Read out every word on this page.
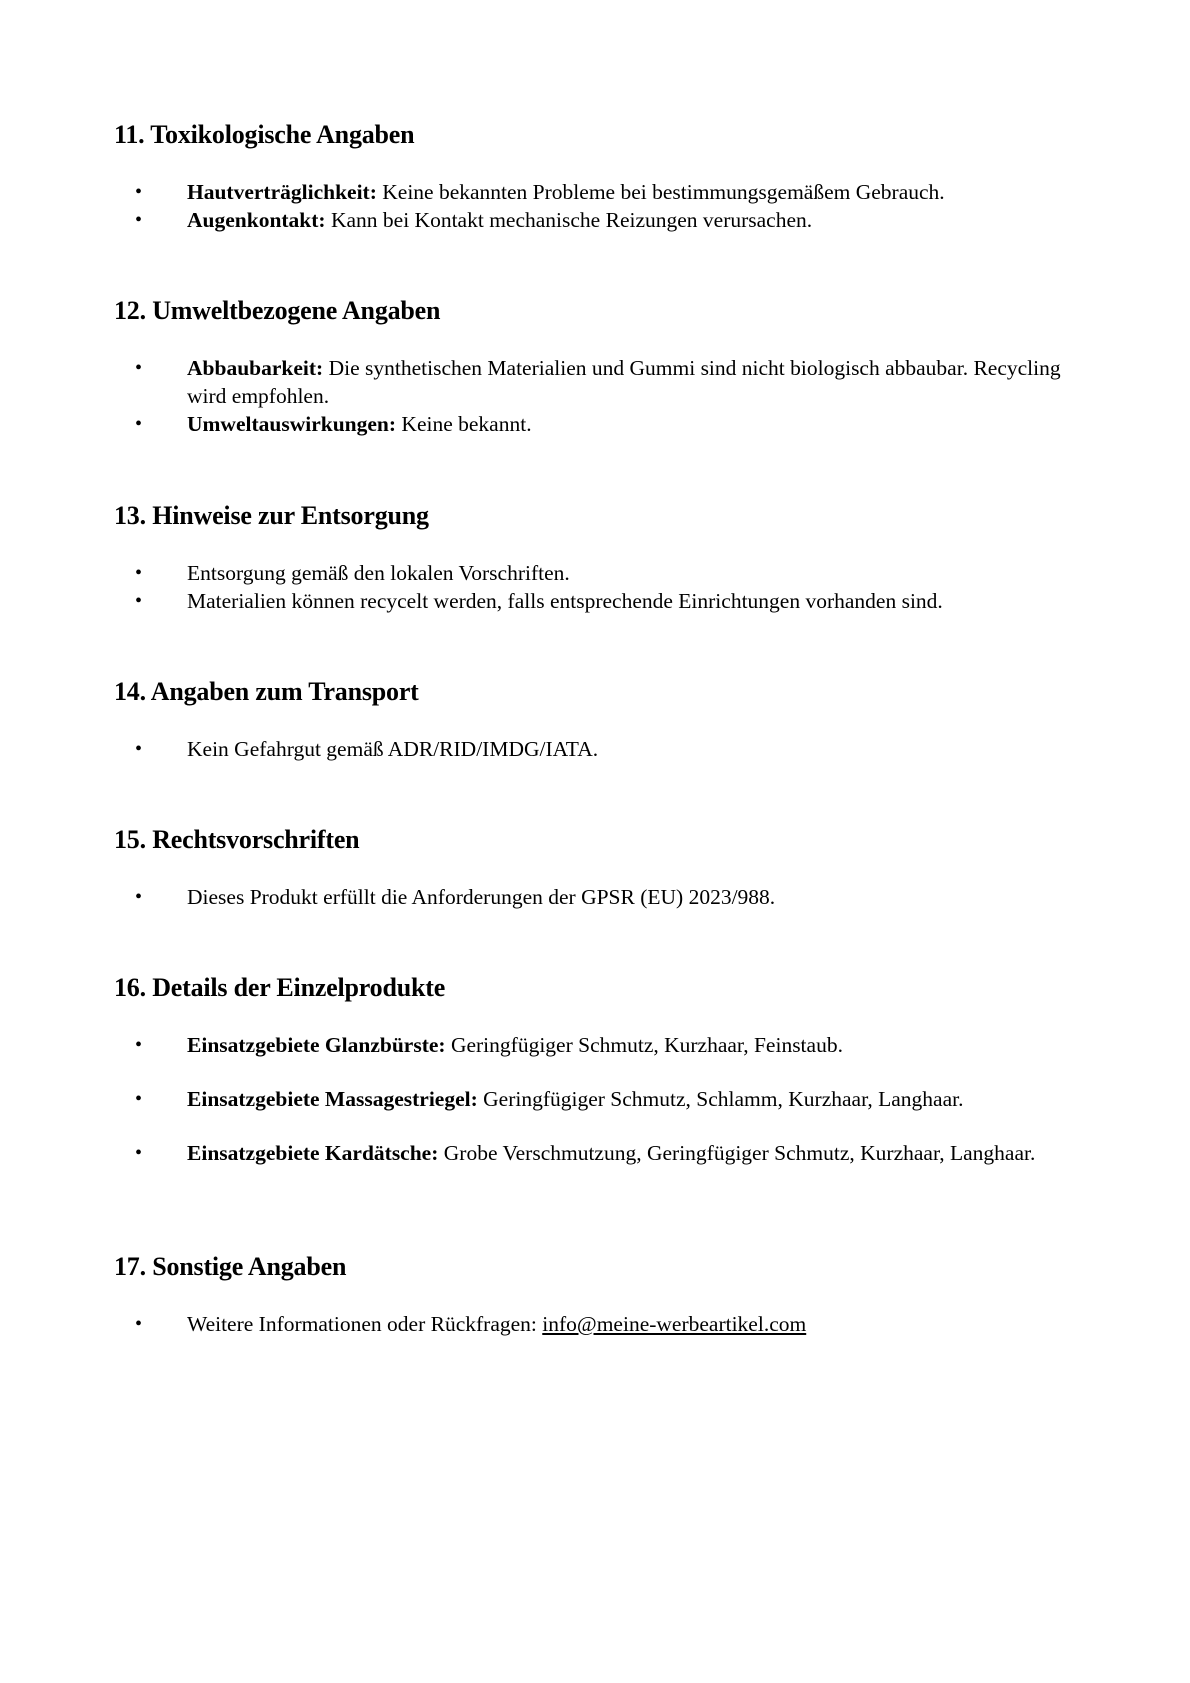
11. Toxikologische Angaben
• Hautverträglichkeit: Keine bekannten Probleme bei bestimmungsgemäßem Gebrauch.
• Augenkontakt: Kann bei Kontakt mechanische Reizungen verursachen.
12. Umweltbezogene Angaben
• Abbaubarkeit: Die synthetischen Materialien und Gummi sind nicht biologisch abbaubar. Recycling wird empfohlen.
• Umweltauswirkungen: Keine bekannt.
13. Hinweise zur Entsorgung
• Entsorgung gemäß den lokalen Vorschriften.
• Materialien können recycelt werden, falls entsprechende Einrichtungen vorhanden sind.
14. Angaben zum Transport
• Kein Gefahrgut gemäß ADR/RID/IMDG/IATA.
15. Rechtsvorschriften
• Dieses Produkt erfüllt die Anforderungen der GPSR (EU) 2023/988.
16. Details der Einzelprodukte
• Einsatzgebiete Glanzbürste: Geringfügiger Schmutz, Kurzhaar, Feinstaub.
• Einsatzgebiete Massagestriegel: Geringfügiger Schmutz, Schlamm, Kurzhaar, Langhaar.
• Einsatzgebiete Kardätsche: Grobe Verschmutzung, Geringfügiger Schmutz, Kurzhaar, Langhaar.
17. Sonstige Angaben
• Weitere Informationen oder Rückfragen: info@meine-werbeartikel.com
